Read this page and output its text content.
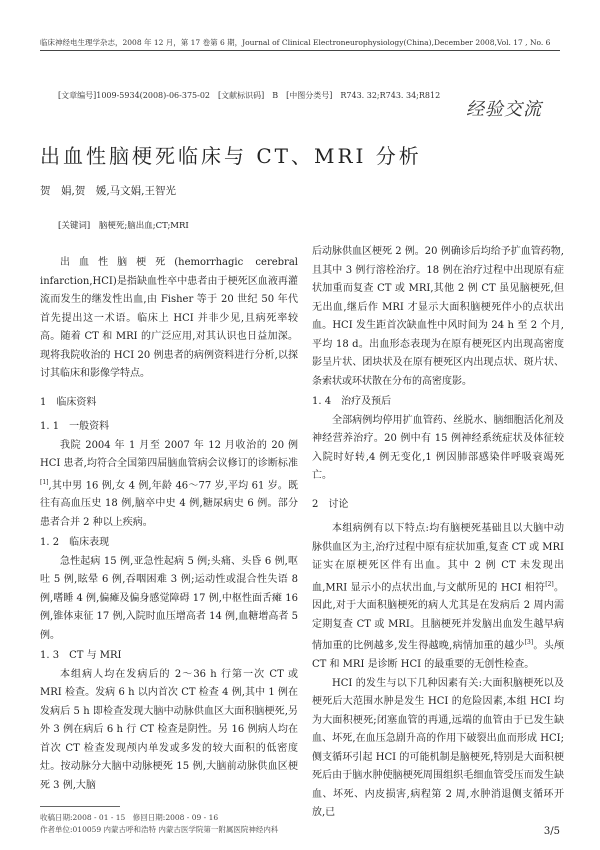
临床神经电生理学杂志，2008 年 12 月，第 17 卷第 6 期，Journal of Clinical Electroneurophysiology(China),December 2008,Vol. 17 , No. 6
[文章编号]1009-5934(2008)-06-375-02　[文献标识码]　B　[中图分类号]　R743. 32;R743. 34;R812
经验交流
出血性脑梗死临床与 CT、MRI 分析
贺　娟,贺　媛,马文娟,王智光
[关键词] 脑梗死;脑出血;CT;MRI

出血性脑梗死(hemorrhagic cerebral infarction,HCI)是指缺血性卒中患者由于梗死区血液再灌流而发生的继发性出血,由 Fisher 等于 20 世纪 50 年代首先提出这一术语。临床上 HCI 并非少见,且病死率较高。随着 CT 和 MRI 的广泛应用,对其认识也日益加深。现将我院收治的 HCI 20 例患者的病例资料进行分析,以探讨其临床和影像学特点。

1　临床资料
1. 1　一般资料

我院 2004 年 1 月至 2007 年 12 月收治的 20 例 HCI 患者,均符合全国第四届脑血管病会议修订的诊断标准[1],其中男 16 例,女 4 例,年龄 46～77 岁,平均 61 岁。既往有高血压史 18 例,脑卒中史 4 例,糖尿病史 6 例。部分患者合并 2 种以上疾病。

1. 2　临床表现

急性起病 15 例,亚急性起病 5 例;头痛、头昏 6 例,呕吐 5 例,眩晕 6 例,吞咽困难 3 例;运动性或混合性失语 8 例,嗜睡 4 例,偏瘫及偏身感觉障碍 17 例,中枢性面舌瘫 16 例,锥体束征 17 例,入院时血压增高者 14 例,血糖增高者 5 例。

1. 3　CT 与 MRI

本组病人均在发病后的 2～36 h 行第一次 CT 或 MRI 检查。发病 6 h 以内首次 CT 检查 4 例,其中 1 例在发病后 5 h 即检查发现大脑中动脉供血区大面积脑梗死,另外 3 例在病后 6 h 行 CT 检查是阴性。另 16 例病人均在首次 CT 检查发现颅内单发或多发的较大面积的低密度灶。按动脉分大脑中动脉梗死 15 例,大脑前动脉供血区梗死 3 例,大脑

后动脉供血区梗死 2 例。20 例确诊后均给予扩血管药物,且其中 3 例行溶栓治疗。18 例在治疗过程中出现原有症状加重而复查 CT 或 MRI,其他 2 例 CT 虽见脑梗死,但无出血,继后作 MRI 才显示大面积脑梗死伴小的点状出血。HCI 发生距首次缺血性中风时间为 24 h 至 2 个月,平均 18 d。出血形态表现为在原有梗死区内出现高密度影呈片状、团块状及在原有梗死区内出现点状、斑片状、条索状或环状散在分布的高密度影。

1. 4　治疗及预后

全部病例均停用扩血管药、丝脱水、脑细胞活化剂及神经营养治疗。20 例中有 15 例神经系统症状及体征较入院时好转,4 例无变化,1 例因肺部感染伴呼吸衰竭死亡。

2　讨论

本组病例有以下特点:均有脑梗死基础且以大脑中动脉供血区为主,治疗过程中原有症状加重,复查 CT 或 MRI 证实在原梗死区伴有出血。其中 2 例 CT 未发现出血,MRI 显示小的点状出血,与文献所见的 HCI 相符[2]。因此,对于大面积脑梗死的病人尤其是在发病后 2 周内需定期复查 CT 或 MRI。且脑梗死并发脑出血发生越早病情加重的比例越多,发生得越晚,病情加重的越少[3]。头颅 CT 和 MRI 是诊断 HCI 的最重要的无创性检查。

HCI 的发生与以下几种因素有关:大面积脑梗死以及梗死后大范围水肿是发生 HCI 的危险因素,本组 HCI 均为大面积梗死;闭塞血管的再通,远端的血管由于已发生缺血、坏死,在血压急剧升高的作用下破裂出血而形成 HCI;侧支循环引起 HCI 的可能机制是脑梗死,特别是大面积梗死后由于脑水肿使脑梗死周围组织毛细血管受压而发生缺血、坏死、内皮损害,病程第 2 周,水肿消退侧支循环开放,已

收稿日期:2008 - 01 - 15　修回日期:2008 - 09 - 16
作者单位:010059 内蒙古呼和浩特 内蒙古医学院第一附属医院神经内科	3/5
